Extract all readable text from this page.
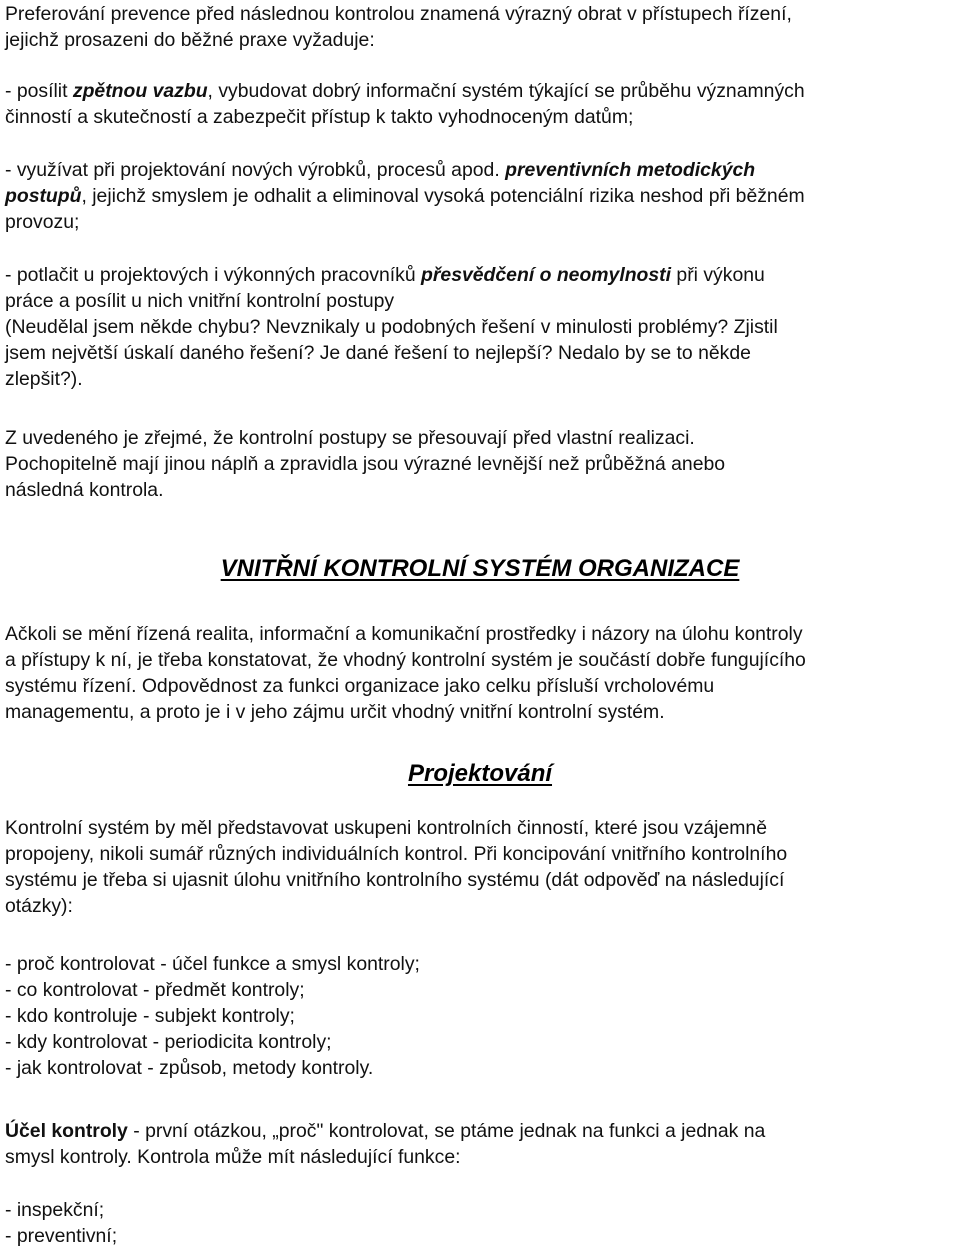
Preferování prevence před následnou kontrolou znamená výrazný obrat v přístupech řízení,
jejichž prosazeni do běžné praxe vyžaduje:
- posílit zpětnou vazbu, vybudovat dobrý informační systém týkající se průběhu významných
činností a skutečností a zabezpečit přístup k takto vyhodnoceným datům;
- využívat při projektování nových výrobků, procesů apod. preventivních metodických
postupů, jejichž smyslem je odhalit a eliminoval vysoká potenciální rizika neshod při běžném
provozu;
- potlačit u projektových i výkonných pracovníků přesvědčení o neomylnosti při výkonu
práce a posílit u nich vnitřní kontrolní postupy
(Neudělal jsem někde chybu? Nevznikaly u podobných řešení v minulosti problémy? Zjistil
jsem největší úskalí daného řešení? Je dané řešení to nejlepší? Nedalo by se to někde
zlepšit?).
Z uvedeného je zřejmé, že kontrolní postupy se přesouvají před vlastní realizaci.
Pochopitelně mají jinou náplň a zpravidla jsou výrazné levnější než průběžná anebo
následná kontrola.
VNITŘNÍ KONTROLNÍ SYSTÉM ORGANIZACE
Ačkoli se mění řízená realita, informační a komunikační prostředky i názory na úlohu kontroly
a přístupy k ní, je třeba konstatovat, že vhodný kontrolní systém je součástí dobře fungujícího
systému řízení. Odpovědnost za funkci organizace jako celku přísluší vrcholovému
managementu, a proto je i v jeho zájmu určit vhodný vnitřní kontrolní systém.
Projektování
Kontrolní systém by měl představovat uskupeni kontrolních činností, které jsou vzájemně
propojeny, nikoli sumář různých individuálních kontrol. Při koncipování vnitřního kontrolního
systému je třeba si ujasnit úlohu vnitřního kontrolního systému (dát odpověď na následující
otázky):
- proč kontrolovat - účel funkce a smysl kontroly;
- co kontrolovat - předmět kontroly;
- kdo kontroluje - subjekt kontroly;
- kdy kontrolovat - periodicita kontroly;
- jak kontrolovat - způsob, metody kontroly.
Účel kontroly - první otázkou, „proč" kontrolovat, se ptáme jednak na funkci a jednak na
smysl kontroly. Kontrola může mít následující funkce:
- inspekční;
- preventivní;
